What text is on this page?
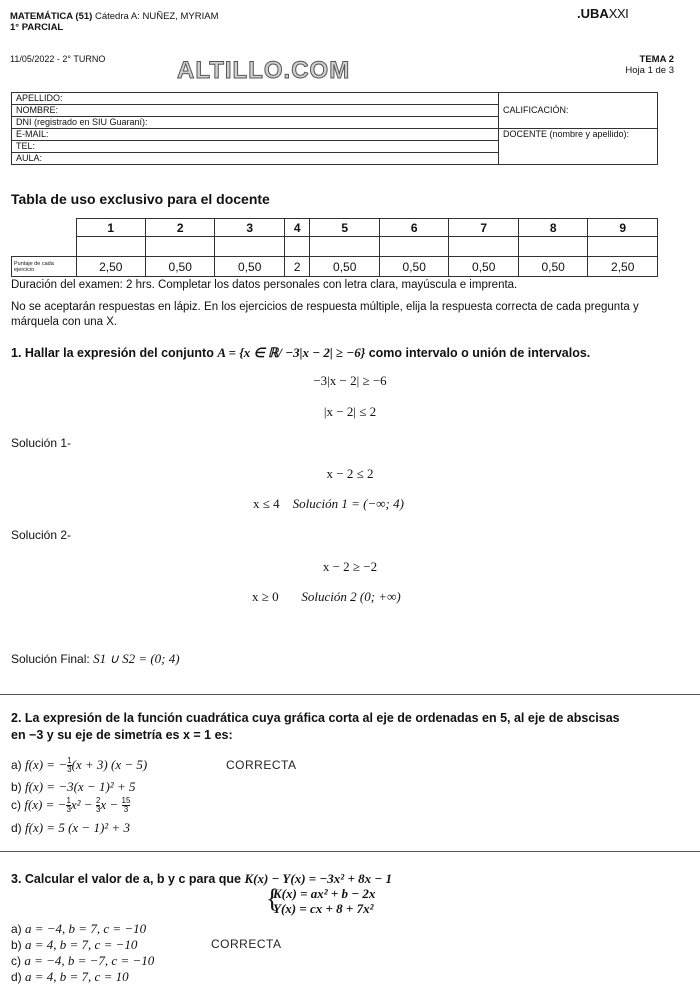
MATEMÁTICA (51) Cátedra A: NUÑEZ, MYRIAM
1° PARCIAL
.UBAXXI
11/05/2022 - 2° TURNO	ALTILLO.COM	TEMA 2
Hoja 1 de 3
APELLIDO:	CALIFICACIÓN:
NOMBRE:	
DNI (registrado en SIU Guaraní):	
E-MAIL:	DOCENTE (nombre y apellido):
TEL:	
AULA:	
Tabla de uso exclusivo para el docente
	1	2	3	4	5	6	7	8	9

Puntaje de cada ejercicio	2,50	0,50	0,50	2	0,50	0,50	0,50	0,50	2,50
Duración del examen: 2 hrs. Completar los datos personales con letra clara, mayúscula e imprenta.
No se aceptarán respuestas en lápiz. En los ejercicios de respuesta múltiple, elija la respuesta correcta de cada pregunta y márquela con una X.
1. Hallar la expresión del conjunto A = {x ∈ ℝ/ −3|x − 2| ≥ −6} como intervalo o unión de intervalos.
−3|x − 2| ≥ −6
|x − 2| ≤ 2
Solución 1-
x − 2 ≤ 2
x ≤ 4 Solución 1 = (−∞; 4)
Solución 2-
x − 2 ≥ −2
x ≥ 0 Solución 2 (0; +∞)
Solución Final: S1 ∪ S2 = (0; 4)
2. La expresión de la función cuadrática cuya gráfica corta al eje de ordenadas en 5, al eje de abscisas
en −3 y su eje de simetría es x = 1 es:
a) f(x) = − $\frac{1}{3} (x + 3) (x - 5)$	CORRECTA
b) f(x) = −3(x − 1)² + 5
c) f(x) = − $\frac{1}{3} x^2 - \frac{2}{3}$ $x - \frac{15}{3}$
d) f(x) = 5 (x − 1)² + 3
3. Calcular el valor de a, b y c para que K(x) − Y(x) = −3x² + 8x − 1
{
K(x) = ax² + b − 2x
Y(x) = cx + 8 + 7x²
a) a = −4, b = 7, c = −10
b) a = 4, b = 7, c = −10	CORRECTA
c) a = −4, b = −7, c = −10
d) a = 4, b = 7, c = 10
